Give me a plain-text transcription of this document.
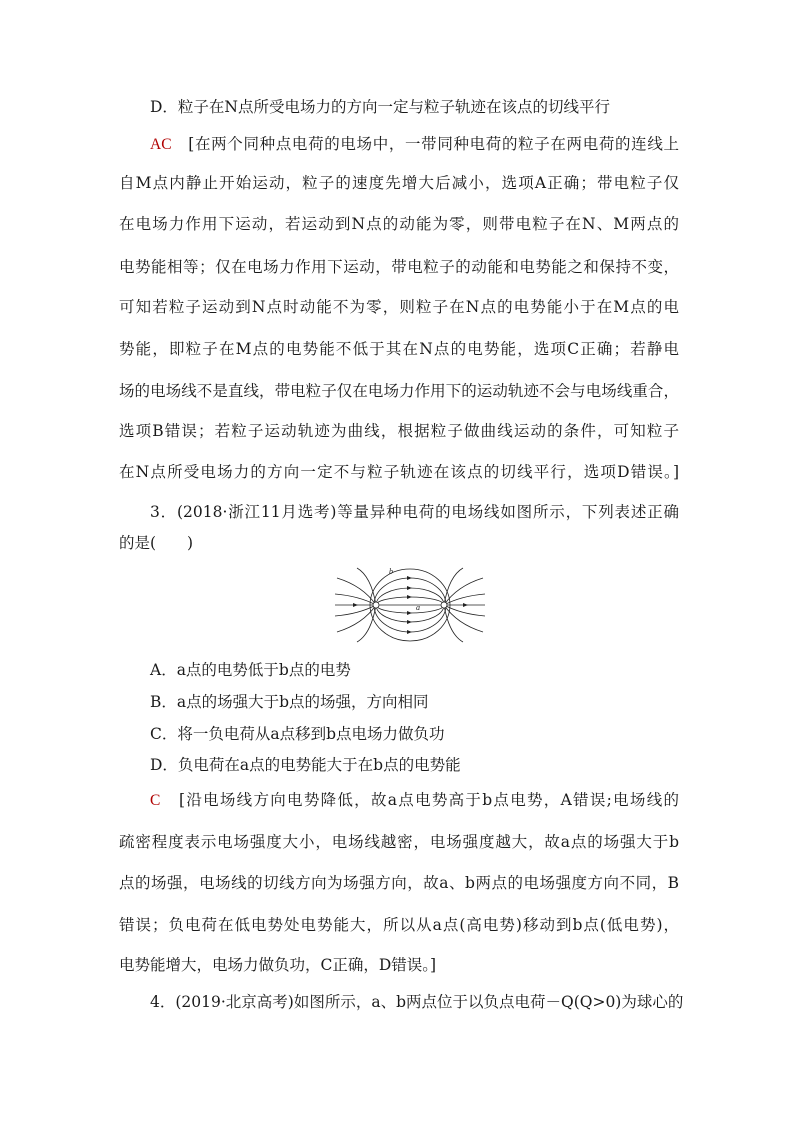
D．粒子在N点所受电场力的方向一定与粒子轨迹在该点的切线平行
AC [在两个同种点电荷的电场中，一带同种电荷的粒子在两电荷的连线上
自M点内静止开始运动，粒子的速度先增大后减小，选项A正确；带电粒子仅
在电场力作用下运动，若运动到N点的动能为零，则带电粒子在N、M两点的
电势能相等；仅在电场力作用下运动，带电粒子的动能和电势能之和保持不变，
可知若粒子运动到N点时动能不为零，则粒子在N点的电势能小于在M点的电
势能，即粒子在M点的电势能不低于其在N点的电势能，选项C正确；若静电
场的电场线不是直线，带电粒子仅在电场力作用下的运动轨迹不会与电场线重合，
选项B错误；若粒子运动轨迹为曲线，根据粒子做曲线运动的条件，可知粒子
在N点所受电场力的方向一定不与粒子轨迹在该点的切线平行，选项D错误。]
3．(2018·浙江11月选考)等量异种电荷的电场线如图所示，下列表述正确
的是(　　)
a
b
A．a点的电势低于b点的电势
B．a点的场强大于b点的场强，方向相同
C．将一负电荷从a点移到b点电场力做负功
D．负电荷在a点的电势能大于在b点的电势能
C [沿电场线方向电势降低，故a点电势高于b点电势，A错误;电场线的
疏密程度表示电场强度大小，电场线越密，电场强度越大，故a点的场强大于b
点的场强，电场线的切线方向为场强方向，故a、b两点的电场强度方向不同，B
错误；负电荷在低电势处电势能大，所以从a点(高电势)移动到b点(低电势)，
电势能增大，电场力做负功，C正确，D错误。]
4．(2019·北京高考)如图所示，a、b两点位于以负点电荷－Q(Q>0)为球心的
